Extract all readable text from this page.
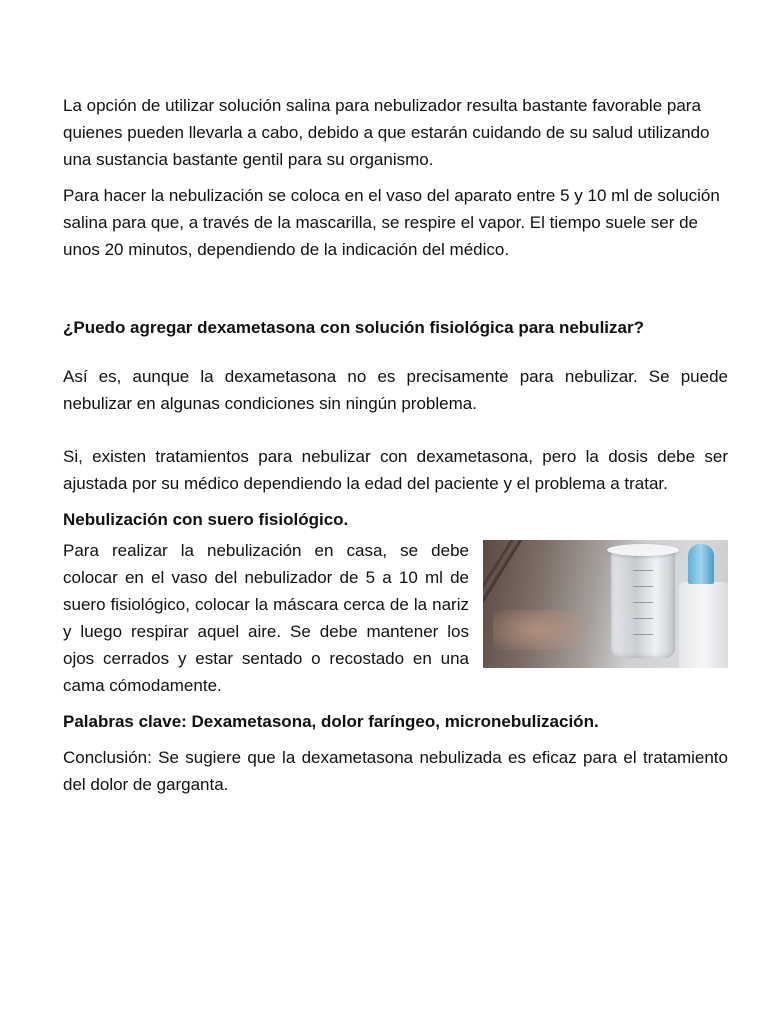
La opción de utilizar solución salina para nebulizador resulta bastante favorable para quienes pueden llevarla a cabo, debido a que estarán cuidando de su salud utilizando una sustancia bastante gentil para su organismo.

Para hacer la nebulización se coloca en el vaso del aparato entre 5 y 10 ml de solución salina para que, a través de la mascarilla, se respire el vapor. El tiempo suele ser de unos 20 minutos, dependiendo de la indicación del médico.

¿Puedo agregar dexametasona con solución fisiológica para nebulizar?

Así es, aunque la dexametasona no es precisamente para nebulizar. Se puede nebulizar en algunas condiciones sin ningún problema.

Si, existen tratamientos para nebulizar con dexametasona, pero la dosis debe ser ajustada por su médico dependiendo la edad del paciente y el problema a tratar.

Nebulización con suero fisiológico.

Para realizar la nebulización en casa, se debe colocar en el vaso del nebulizador de 5 a 10 ml de suero fisiológico, colocar la máscara cerca de la nariz y luego respirar aquel aire. Se debe mantener los ojos cerrados y estar sentado o recostado en una cama cómodamente.

Palabras clave: Dexametasona, dolor faríngeo, micronebulización.

Conclusión: Se sugiere que la dexametasona nebulizada es eficaz para el tratamiento del dolor de garganta.
